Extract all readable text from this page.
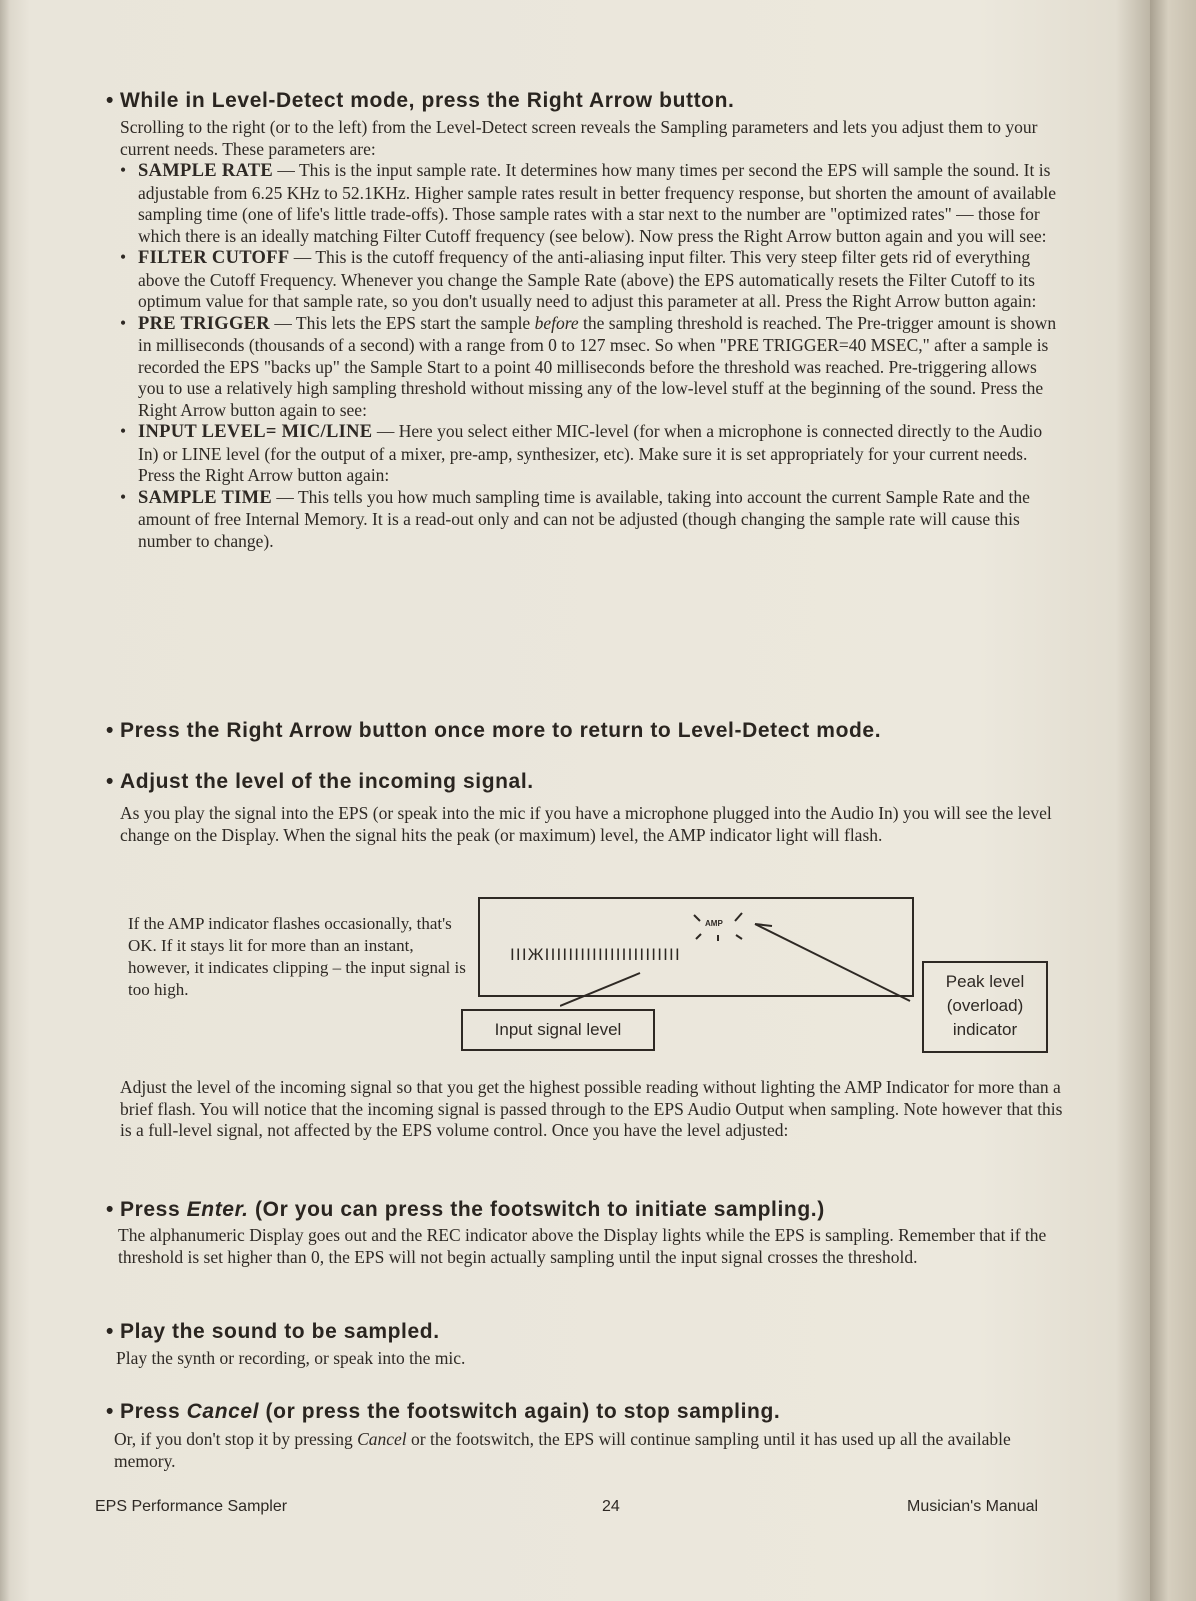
• While in Level-Detect mode, press the Right Arrow button.
Scrolling to the right (or to the left) from the Level-Detect screen reveals the Sampling parameters and lets you adjust them to your current needs. These parameters are:
• SAMPLE RATE — This is the input sample rate. It determines how many times per second the EPS will sample the sound. It is adjustable from 6.25 KHz to 52.1KHz. Higher sample rates result in better frequency response, but shorten the amount of available sampling time (one of life's little trade-offs). Those sample rates with a star next to the number are "optimized rates" — those for which there is an ideally matching Filter Cutoff frequency (see below). Now press the Right Arrow button again and you will see:
• FILTER CUTOFF — This is the cutoff frequency of the anti-aliasing input filter. This very steep filter gets rid of everything above the Cutoff Frequency. Whenever you change the Sample Rate (above) the EPS automatically resets the Filter Cutoff to its optimum value for that sample rate, so you don't usually need to adjust this parameter at all. Press the Right Arrow button again:
• PRE TRIGGER — This lets the EPS start the sample before the sampling threshold is reached. The Pre-trigger amount is shown in milliseconds (thousands of a second) with a range from 0 to 127 msec. So when "PRE TRIGGER=40 MSEC," after a sample is recorded the EPS "backs up" the Sample Start to a point 40 milliseconds before the threshold was reached. Pre-triggering allows you to use a relatively high sampling threshold without missing any of the low-level stuff at the beginning of the sound. Press the Right Arrow button again to see:
• INPUT LEVEL= MIC/LINE — Here you select either MIC-level (for when a microphone is connected directly to the Audio In) or LINE level (for the output of a mixer, pre-amp, synthesizer, etc). Make sure it is set appropriately for your current needs. Press the Right Arrow button again:
• SAMPLE TIME — This tells you how much sampling time is available, taking into account the current Sample Rate and the amount of free Internal Memory. It is a read-out only and can not be adjusted (though changing the sample rate will cause this number to change).
• Press the Right Arrow button once more to return to Level-Detect mode.
• Adjust the level of the incoming signal.
As you play the signal into the EPS (or speak into the mic if you have a microphone plugged into the Audio In) you will see the level change on the Display. When the signal hits the peak (or maximum) level, the AMP indicator light will flash.
If the AMP indicator flashes occasionally, that's OK. If it stays lit for more than an instant, however, it indicates clipping – the input signal is too high.
AMP
IIIЖIIIIIIIIIIIIIIIIIIIIIII
Input signal level
Peak level
(overload)
indicator
Adjust the level of the incoming signal so that you get the highest possible reading without lighting the AMP Indicator for more than a brief flash. You will notice that the incoming signal is passed through to the EPS Audio Output when sampling. Note however that this is a full-level signal, not affected by the EPS volume control. Once you have the level adjusted:
• Press Enter. (Or you can press the footswitch to initiate sampling.)
The alphanumeric Display goes out and the REC indicator above the Display lights while the EPS is sampling. Remember that if the threshold is set higher than 0, the EPS will not begin actually sampling until the input signal crosses the threshold.
• Play the sound to be sampled.
Play the synth or recording, or speak into the mic.
• Press Cancel (or press the footswitch again) to stop sampling.
Or, if you don't stop it by pressing Cancel or the footswitch, the EPS will continue sampling until it has used up all the available memory.
EPS Performance Sampler	24	Musician's Manual
